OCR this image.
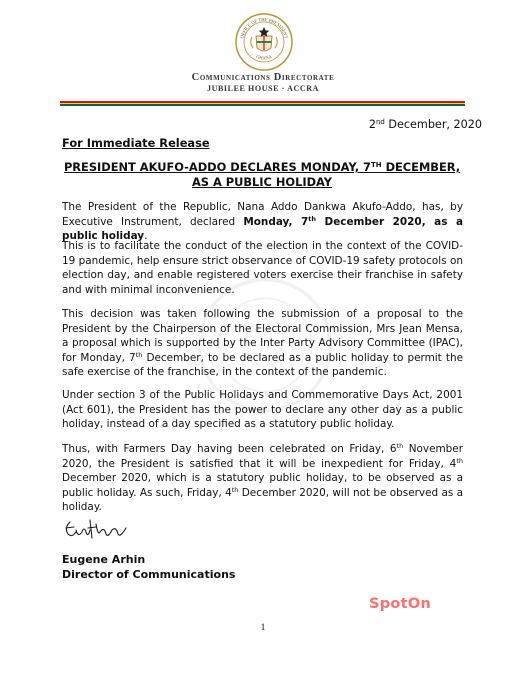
OFFICE OF THE PRESIDENT
GHANA
Communications Directorate
JUBILEE HOUSE · ACCRA
2nd December, 2020
For Immediate Release
PRESIDENT AKUFO-ADDO DECLARES MONDAY, 7TH DECEMBER, AS A PUBLIC HOLIDAY
The President of the Republic, Nana Addo Dankwa Akufo-Addo, has, by Executive Instrument, declared Monday, 7th December 2020, as a public holiday.
This is to facilitate the conduct of the election in the context of the COVID-19 pandemic, help ensure strict observance of COVID-19 safety protocols on election day, and enable registered voters exercise their franchise in safety and with minimal inconvenience.
This decision was taken following the submission of a proposal to the President by the Chairperson of the Electoral Commission, Mrs Jean Mensa, a proposal which is supported by the Inter Party Advisory Committee (IPAC), for Monday, 7th December, to be declared as a public holiday to permit the safe exercise of the franchise, in the context of the pandemic.
Under section 3 of the Public Holidays and Commemorative Days Act, 2001 (Act 601), the President has the power to declare any other day as a public holiday, instead of a day specified as a statutory public holiday.
Thus, with Farmers Day having been celebrated on Friday, 6th November 2020, the President is satisfied that it will be inexpedient for Friday, 4th December 2020, which is a statutory public holiday, to be observed as a public holiday. As such, Friday, 4th December 2020, will not be observed as a holiday.
Eugene Arhin
Director of Communications
SpotOn
1
